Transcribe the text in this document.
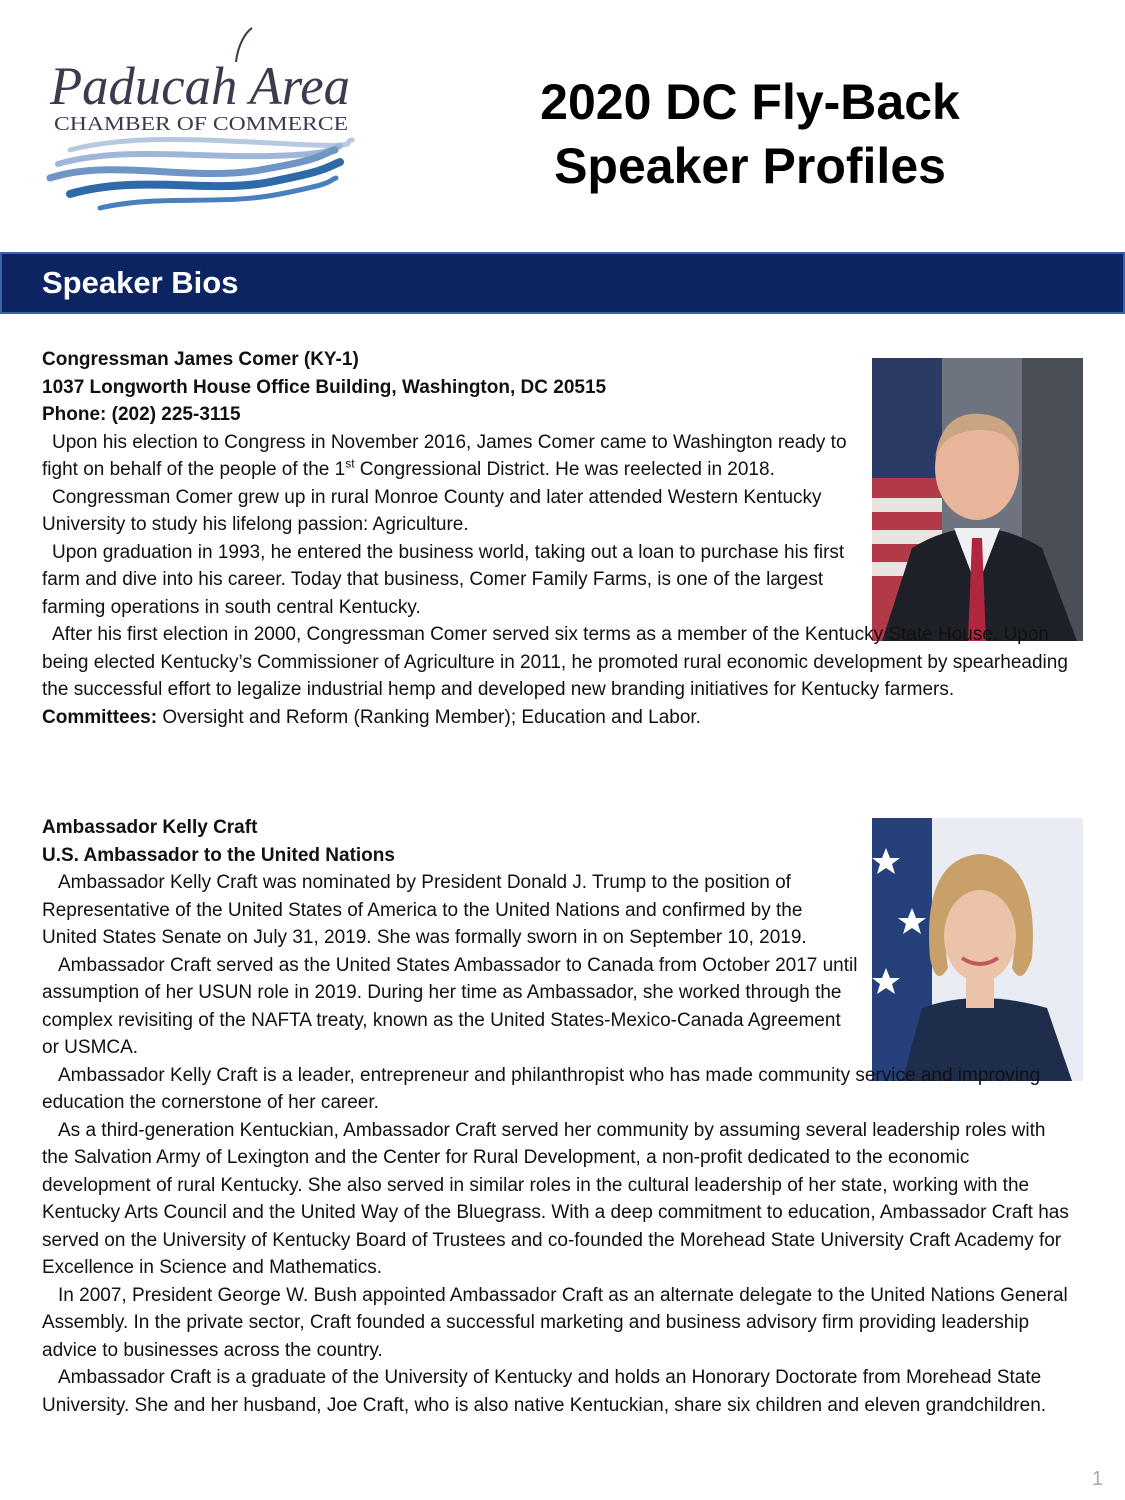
Paducah Area
CHAMBER OF COMMERCE	2020 DC Fly-Back
Speaker Profiles
Speaker Bios

Congressman James Comer (KY-1)

1037 Longworth House Office Building, Washington, DC 20515

Phone: (202) 225-3115

Upon his election to Congress in November 2016, James Comer came to Washington ready to fight on behalf of the people of the 1st Congressional District. He was reelected in 2018.

Congressman Comer grew up in rural Monroe County and later attended Western Kentucky University to study his lifelong passion: Agriculture.

Upon graduation in 1993, he entered the business world, taking out a loan to purchase his first farm and dive into his career. Today that business, Comer Family Farms, is one of the largest farming operations in south central Kentucky.

After his first election in 2000, Congressman Comer served six terms as a member of the Kentucky State House. Upon being elected Kentucky’s Commissioner of Agriculture in 2011, he promoted rural economic development by spearheading the successful effort to legalize industrial hemp and developed new branding initiatives for Kentucky farmers. Committees: Oversight and Reform (Ranking Member); Education and Labor.

Ambassador Kelly Craft

U.S. Ambassador to the United Nations

Ambassador Kelly Craft was nominated by President Donald J. Trump to the position of Representative of the United States of America to the United Nations and confirmed by the United States Senate on July 31, 2019. She was formally sworn in on September 10, 2019.

Ambassador Craft served as the United States Ambassador to Canada from October 2017 until assumption of her USUN role in 2019. During her time as Ambassador, she worked through the complex revisiting of the NAFTA treaty, known as the United States-Mexico-Canada Agreement or USMCA.

Ambassador Kelly Craft is a leader, entrepreneur and philanthropist who has made community service and improving education the cornerstone of her career.

As a third-generation Kentuckian, Ambassador Craft served her community by assuming several leadership roles with the Salvation Army of Lexington and the Center for Rural Development, a non-profit dedicated to the economic development of rural Kentucky. She also served in similar roles in the cultural leadership of her state, working with the Kentucky Arts Council and the United Way of the Bluegrass. With a deep commitment to education, Ambassador Craft has served on the University of Kentucky Board of Trustees and co-founded the Morehead State University Craft Academy for Excellence in Science and Mathematics.

In 2007, President George W. Bush appointed Ambassador Craft as an alternate delegate to the United Nations General Assembly. In the private sector, Craft founded a successful marketing and business advisory firm providing leadership advice to businesses across the country.

Ambassador Craft is a graduate of the University of Kentucky and holds an Honorary Doctorate from Morehead State University. She and her husband, Joe Craft, who is also native Kentuckian, share six children and eleven grandchildren.

1
